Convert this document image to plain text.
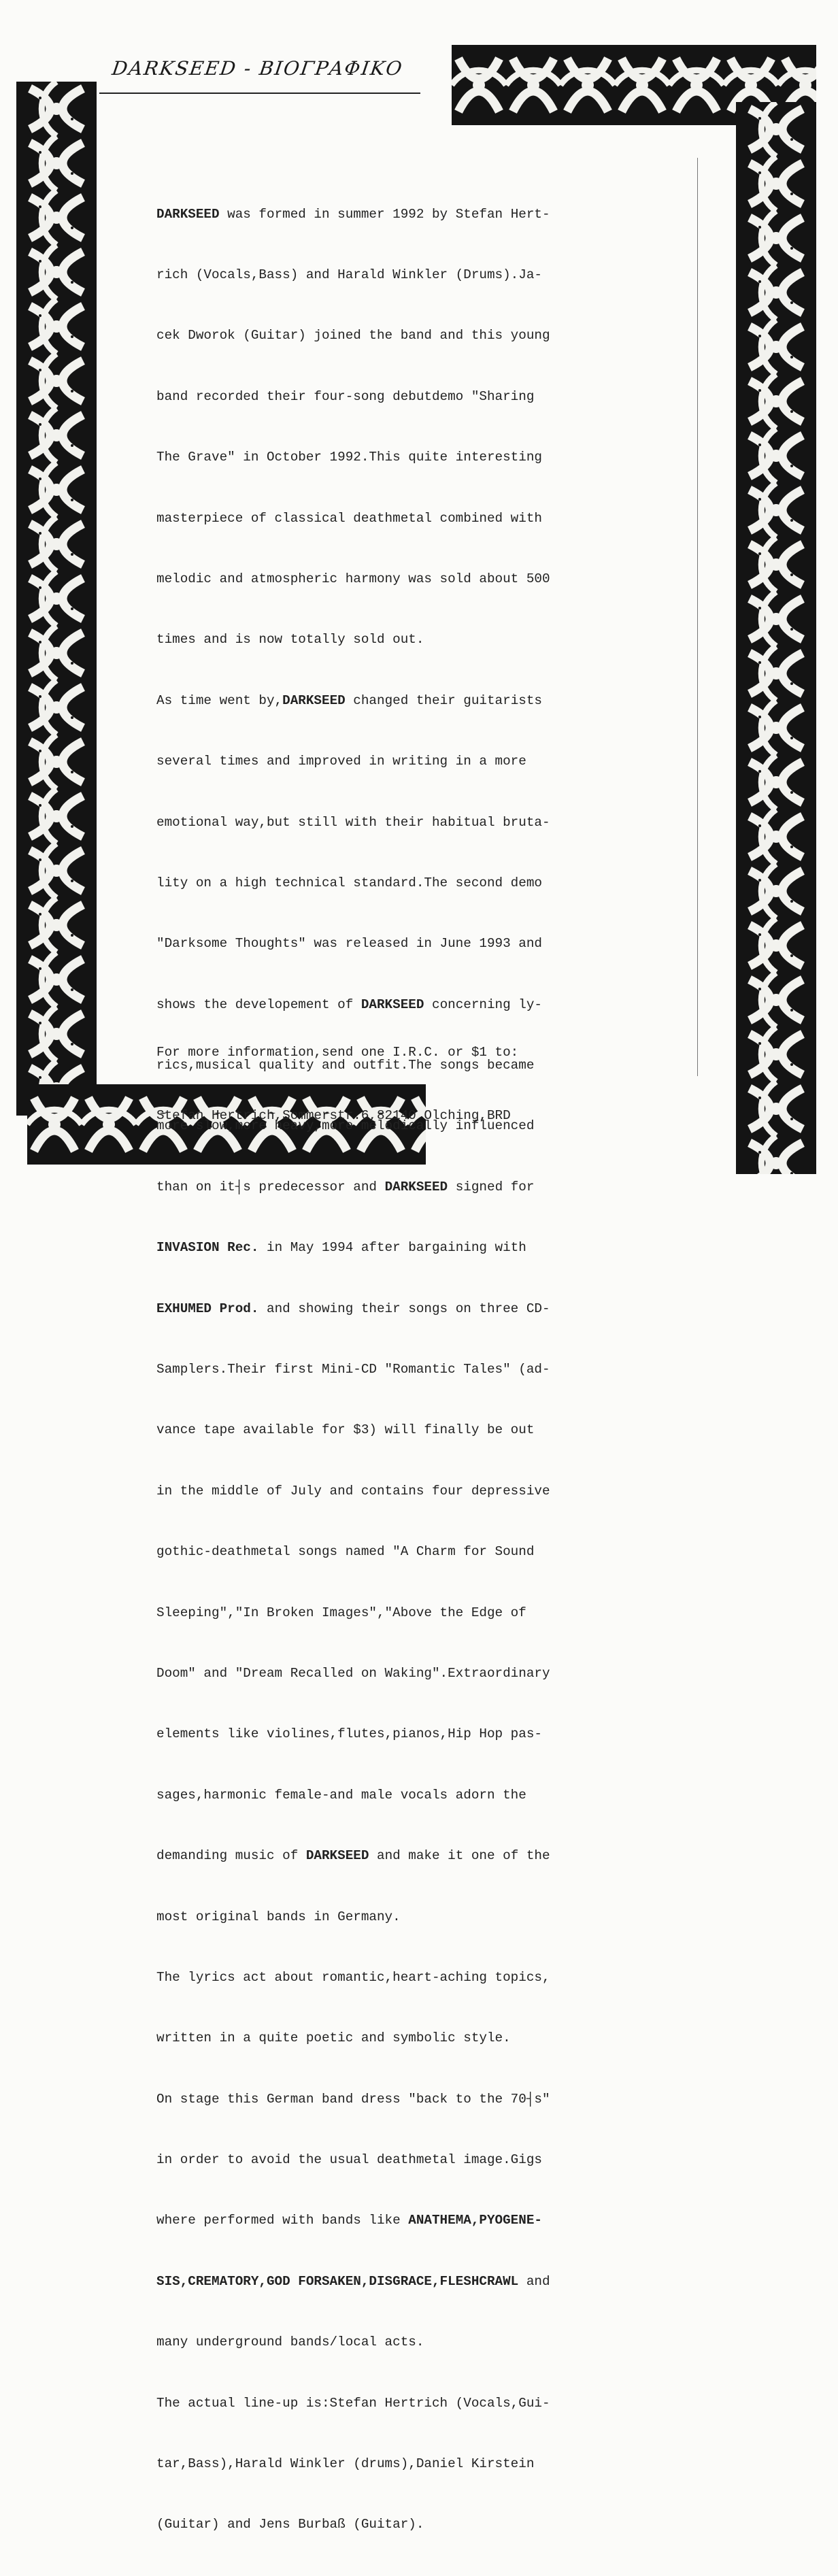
DARKSEED - ΒΙΟΓΡΑΦΙΚΟ

DARKSEED was formed in summer 1992 by Stefan Hert-

rich (Vocals,Bass) and Harald Winkler (Drums).Ja-

cek Dworok (Guitar) joined the band and this young

band recorded their four-song debutdemo "Sharing

The Grave" in October 1992.This quite interesting

masterpiece of classical deathmetal combined with

melodic and atmospheric harmony was sold about 500

times and is now totally sold out.

As time went by,DARKSEED changed their guitarists

several times and improved in writing in a more

emotional way,but still with their habitual bruta-

lity on a high technical standard.The second demo

"Darksome Thoughts" was released in June 1993 and

shows the developement of DARKSEED concerning ly-

rics,musical quality and outfit.The songs became

more slow,more heavy,more melodically influenced

than on it┤s predecessor and DARKSEED signed for

INVASION Rec. in May 1994 after bargaining with

EXHUMED Prod. and showing their songs on three CD-

Samplers.Their first Mini-CD "Romantic Tales" (ad-

vance tape available for $3) will finally be out

in the middle of July and contains four depressive

gothic-deathmetal songs named "A Charm for Sound

Sleeping","In Broken Images","Above the Edge of

Doom" and "Dream Recalled on Waking".Extraordinary

elements like violines,flutes,pianos,Hip Hop pas-

sages,harmonic female-and male vocals adorn the

demanding music of DARKSEED and make it one of the

most original bands in Germany.

The lyrics act about romantic,heart-aching topics,

written in a quite poetic and symbolic style.

On stage this German band dress "back to the 70┤s"

in order to avoid the usual deathmetal image.Gigs

where performed with bands like ANATHEMA,PYOGENE-

SIS,CREMATORY,GOD FORSAKEN,DISGRACE,FLESHCRAWL and

many underground bands/local acts.

The actual line-up is:Stefan Hertrich (Vocals,Gui-

tar,Bass),Harald Winkler (drums),Daniel Kirstein

(Guitar) and Jens Burbaß (Guitar).

For more information,send one I.R.C. or $1 to:

Stefan Hertrich,Sommerstr.6,82140 Olching,BRD
